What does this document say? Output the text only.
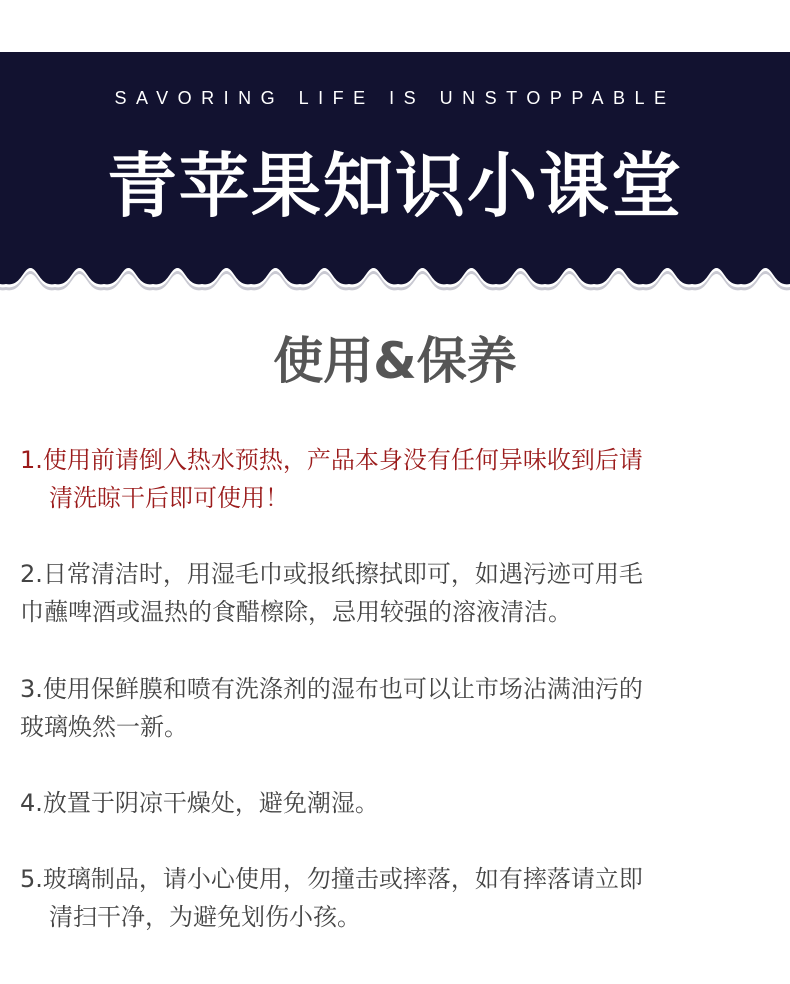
SAVORING LIFE IS UNSTOPPABLE
青苹果知识小课堂
使用&保养
1.使用前请倒入热水预热，产品本身没有任何异味收到后请
清洗晾干后即可使用！
2.日常清洁时，用湿毛巾或报纸擦拭即可，如遇污迹可用毛
巾蘸啤酒或温热的食醋檫除，忌用较强的溶液清洁。
3.使用保鲜膜和喷有洗涤剂的湿布也可以让市场沾满油污的
玻璃焕然一新。
4.放置于阴凉干燥处，避免潮湿。
5.玻璃制品，请小心使用，勿撞击或摔落，如有摔落请立即
清扫干净，为避免划伤小孩。
